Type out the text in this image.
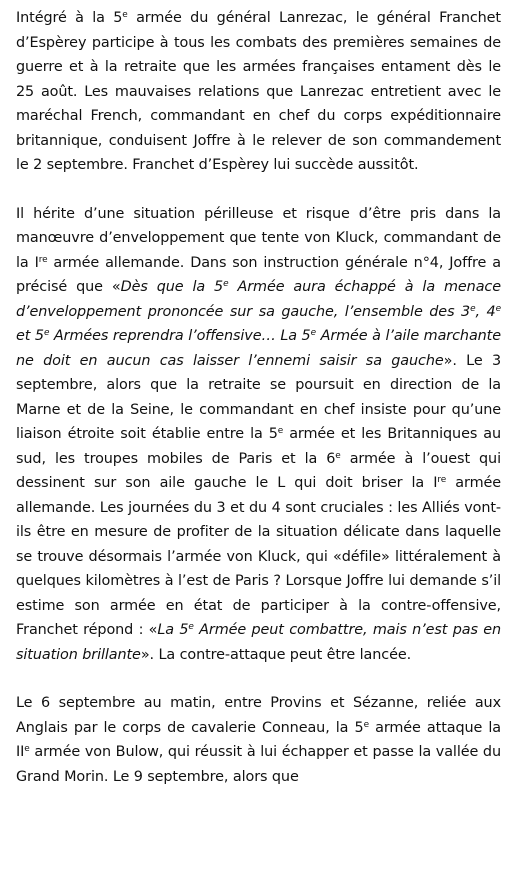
Intégré à la 5e armée du général Lanrezac, le général Franchet d’Espèrey participe à tous les combats des premières semaines de guerre et à la retraite que les armées françaises entament dès le 25 août. Les mauvaises relations que Lanrezac entretient avec le maréchal French, commandant en chef du corps expéditionnaire britannique, conduisent Joffre à le relever de son commandement le 2 septembre. Franchet d’Espèrey lui succède aussitôt.

Il hérite d’une situation périlleuse et risque d’être pris dans la manœuvre d’enveloppement que tente von Kluck, commandant de la Ire armée allemande. Dans son instruction générale n°4, Joffre a précisé que «Dès que la 5e Armée aura échappé à la menace d’enveloppement prononcée sur sa gauche, l’ensemble des 3e, 4e et 5e Armées reprendra l’offensive… La 5e Armée à l’aile marchante ne doit en aucun cas laisser l’ennemi saisir sa gauche». Le 3 septembre, alors que la retraite se poursuit en direction de la Marne et de la Seine, le commandant en chef insiste pour qu’une liaison étroite soit établie entre la 5e armée et les Britanniques au sud, les troupes mobiles de Paris et la 6e armée à l’ouest qui dessinent sur son aile gauche le L qui doit briser la Ire armée allemande. Les journées du 3 et du 4 sont cruciales : les Alliés vont-ils être en mesure de profiter de la situation délicate dans laquelle se trouve désormais l’armée von Kluck, qui «défile» littéralement à quelques kilomètres à l’est de Paris ? Lorsque Joffre lui demande s’il estime son armée en état de participer à la contre-offensive, Franchet répond : «La 5e Armée peut combattre, mais n’est pas en situation brillante». La contre-attaque peut être lancée.

Le 6 septembre au matin, entre Provins et Sézanne, reliée aux Anglais par le corps de cavalerie Conneau, la 5e armée attaque la IIe armée von Bulow, qui réussit à lui échapper et passe la vallée du Grand Morin. Le 9 septembre, alors que
